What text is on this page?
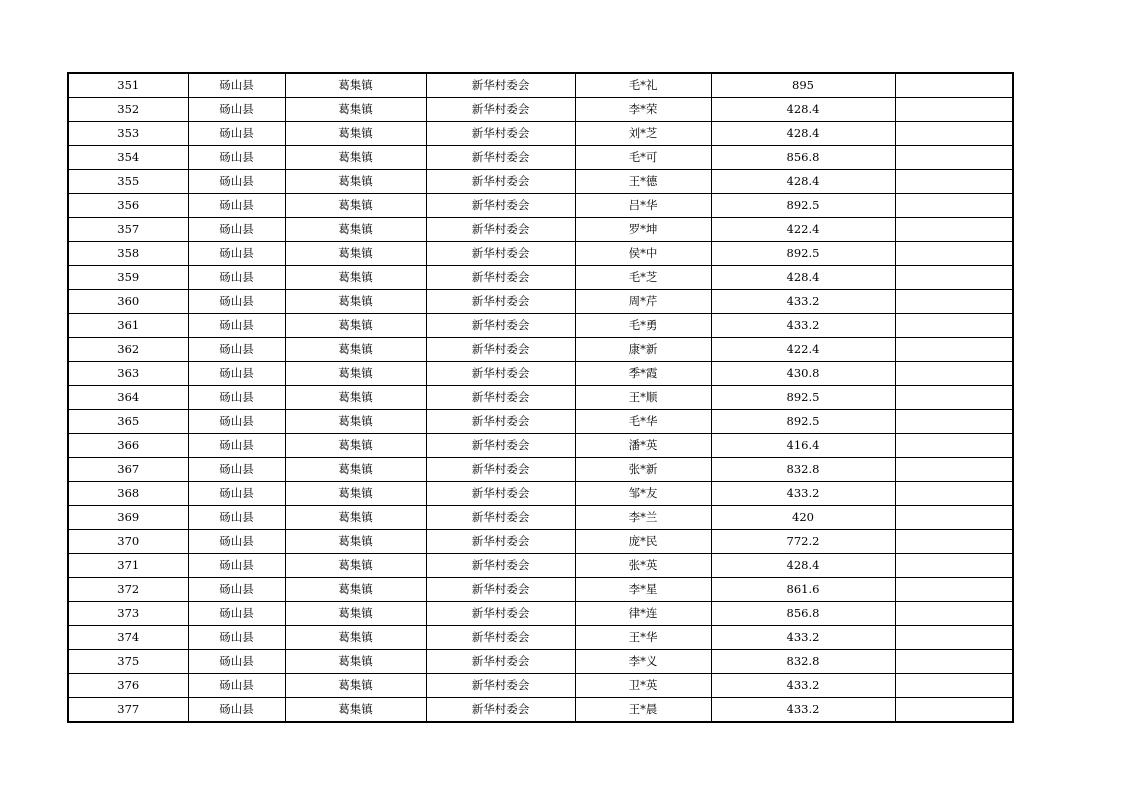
351	砀山县	葛集镇	新华村委会	毛*礼	895	
352	砀山县	葛集镇	新华村委会	李*荣	428.4	
353	砀山县	葛集镇	新华村委会	刘*芝	428.4	
354	砀山县	葛集镇	新华村委会	毛*可	856.8	
355	砀山县	葛集镇	新华村委会	王*德	428.4	
356	砀山县	葛集镇	新华村委会	吕*华	892.5	
357	砀山县	葛集镇	新华村委会	罗*坤	422.4	
358	砀山县	葛集镇	新华村委会	侯*中	892.5	
359	砀山县	葛集镇	新华村委会	毛*芝	428.4	
360	砀山县	葛集镇	新华村委会	周*芹	433.2	
361	砀山县	葛集镇	新华村委会	毛*勇	433.2	
362	砀山县	葛集镇	新华村委会	康*新	422.4	
363	砀山县	葛集镇	新华村委会	季*霞	430.8	
364	砀山县	葛集镇	新华村委会	王*顺	892.5	
365	砀山县	葛集镇	新华村委会	毛*华	892.5	
366	砀山县	葛集镇	新华村委会	潘*英	416.4	
367	砀山县	葛集镇	新华村委会	张*新	832.8	
368	砀山县	葛集镇	新华村委会	邹*友	433.2	
369	砀山县	葛集镇	新华村委会	李*兰	420	
370	砀山县	葛集镇	新华村委会	庞*民	772.2	
371	砀山县	葛集镇	新华村委会	张*英	428.4	
372	砀山县	葛集镇	新华村委会	李*星	861.6	
373	砀山县	葛集镇	新华村委会	律*连	856.8	
374	砀山县	葛集镇	新华村委会	王*华	433.2	
375	砀山县	葛集镇	新华村委会	李*义	832.8	
376	砀山县	葛集镇	新华村委会	卫*英	433.2	
377	砀山县	葛集镇	新华村委会	王*晨	433.2	
